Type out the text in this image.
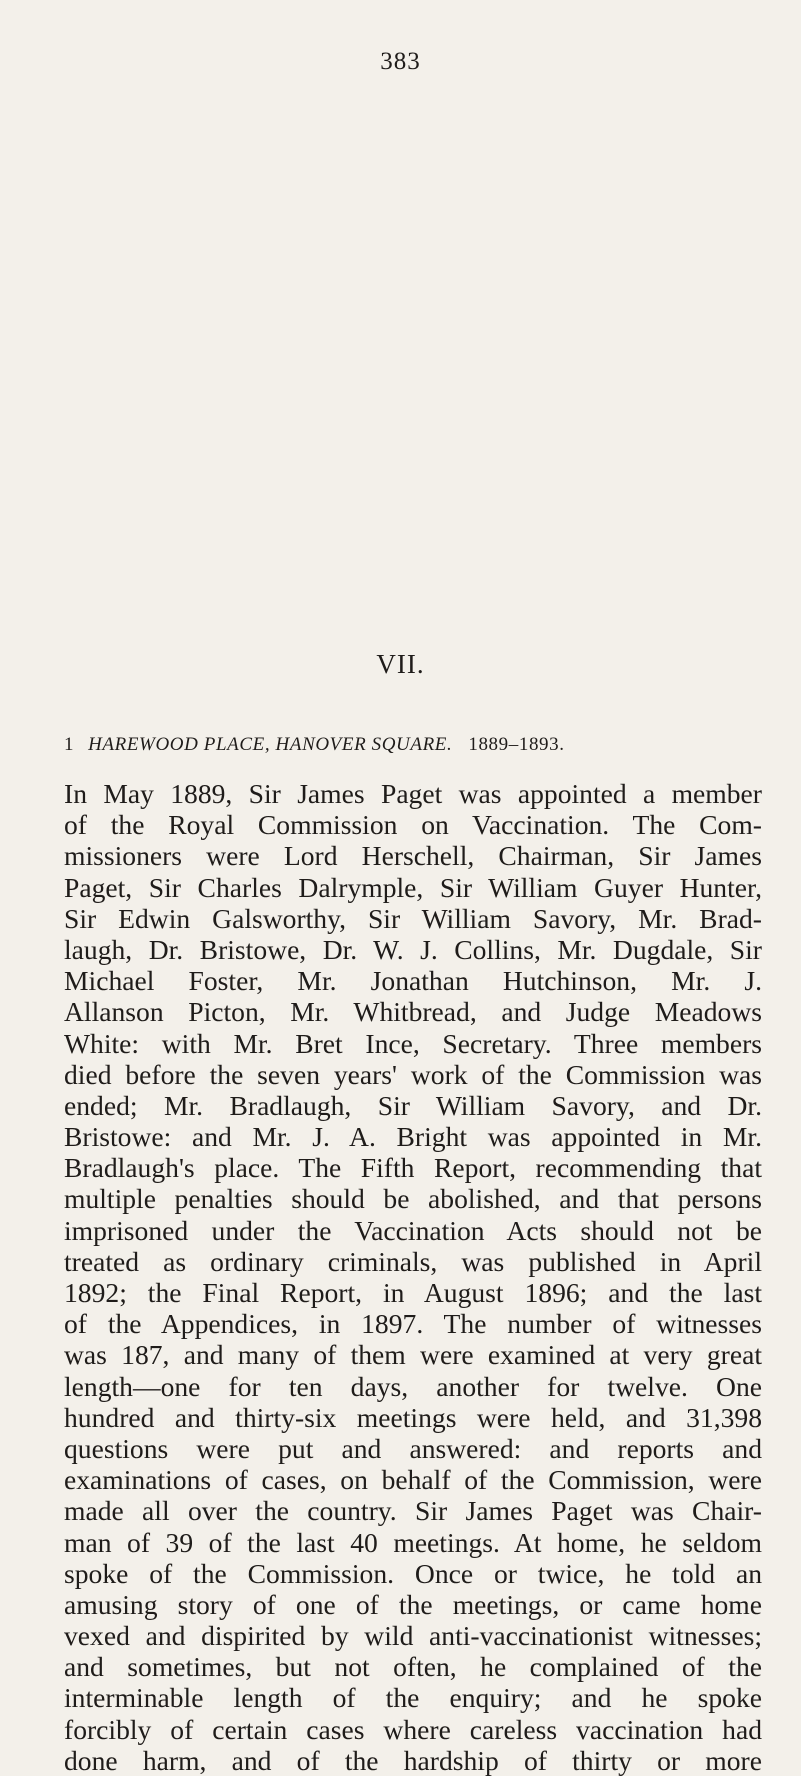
383
VII.
1 HAREWOOD PLACE, HANOVER SQUARE. 1889–1893.
In May 1889, Sir James Paget was appointed a member
of the Royal Commission on Vaccination. The Com-
missioners were Lord Herschell, Chairman, Sir James
Paget, Sir Charles Dalrymple, Sir William Guyer Hunter,
Sir Edwin Galsworthy, Sir William Savory, Mr. Brad-
laugh, Dr. Bristowe, Dr. W. J. Collins, Mr. Dugdale, Sir
Michael Foster, Mr. Jonathan Hutchinson, Mr. J.
Allanson Picton, Mr. Whitbread, and Judge Meadows
White: with Mr. Bret Ince, Secretary. Three members
died before the seven years' work of the Commission was
ended; Mr. Bradlaugh, Sir William Savory, and Dr.
Bristowe: and Mr. J. A. Bright was appointed in Mr.
Bradlaugh's place. The Fifth Report, recommending that
multiple penalties should be abolished, and that persons
imprisoned under the Vaccination Acts should not be
treated as ordinary criminals, was published in April
1892; the Final Report, in August 1896; and the last
of the Appendices, in 1897. The number of witnesses
was 187, and many of them were examined at very great
length—one for ten days, another for twelve. One
hundred and thirty-six meetings were held, and 31,398
questions were put and answered: and reports and
examinations of cases, on behalf of the Commission, were
made all over the country. Sir James Paget was Chair-
man of 39 of the last 40 meetings. At home, he seldom
spoke of the Commission. Once or twice, he told an
amusing story of one of the meetings, or came home
vexed and dispirited by wild anti-vaccinationist witnesses;
and sometimes, but not often, he complained of the
interminable length of the enquiry; and he spoke
forcibly of certain cases where careless vaccination had
done harm, and of the hardship of thirty or more
